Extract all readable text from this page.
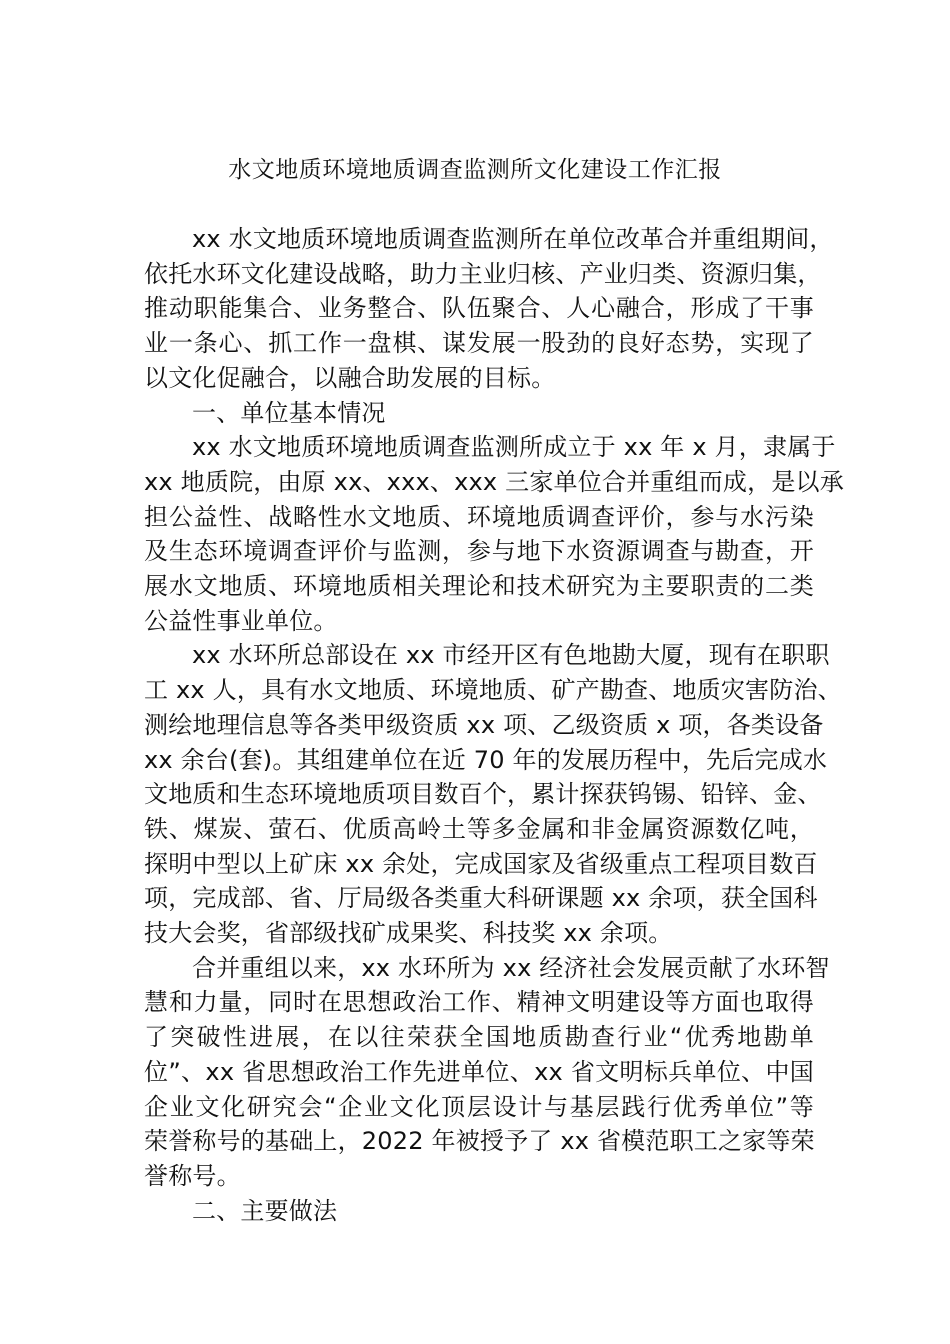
水文地质环境地质调查监测所文化建设工作汇报
xx 水文地质环境地质调查监测所在单位改革合并重组期间，
依托水环文化建设战略，助力主业归核、产业归类、资源归集，
推动职能集合、业务整合、队伍聚合、人心融合，形成了干事
业一条心、抓工作一盘棋、谋发展一股劲的良好态势，实现了
以文化促融合，以融合助发展的目标。
一、单位基本情况
xx 水文地质环境地质调查监测所成立于 xx 年 x 月，隶属于
xx 地质院，由原 xx、xxx、xxx 三家单位合并重组而成，是以承
担公益性、战略性水文地质、环境地质调查评价，参与水污染
及生态环境调查评价与监测，参与地下水资源调查与勘查，开
展水文地质、环境地质相关理论和技术研究为主要职责的二类
公益性事业单位。
xx 水环所总部设在 xx 市经开区有色地勘大厦，现有在职职
工 xx 人，具有水文地质、环境地质、矿产勘查、地质灾害防治、
测绘地理信息等各类甲级资质 xx 项、乙级资质 x 项，各类设备
xx 余台(套)。其组建单位在近 70 年的发展历程中，先后完成水
文地质和生态环境地质项目数百个，累计探获钨锡、铅锌、金、
铁、煤炭、萤石、优质高岭土等多金属和非金属资源数亿吨，
探明中型以上矿床 xx 余处，完成国家及省级重点工程项目数百
项，完成部、省、厅局级各类重大科研课题 xx 余项，获全国科
技大会奖，省部级找矿成果奖、科技奖 xx 余项。
合并重组以来，xx 水环所为 xx 经济社会发展贡献了水环智
慧和力量，同时在思想政治工作、精神文明建设等方面也取得
了突破性进展，在以往荣获全国地质勘查行业“优秀地勘单
位”、xx 省思想政治工作先进单位、xx 省文明标兵单位、中国
企业文化研究会“企业文化顶层设计与基层践行优秀单位”等
荣誉称号的基础上，2022 年被授予了 xx 省模范职工之家等荣
誉称号。
二、主要做法
